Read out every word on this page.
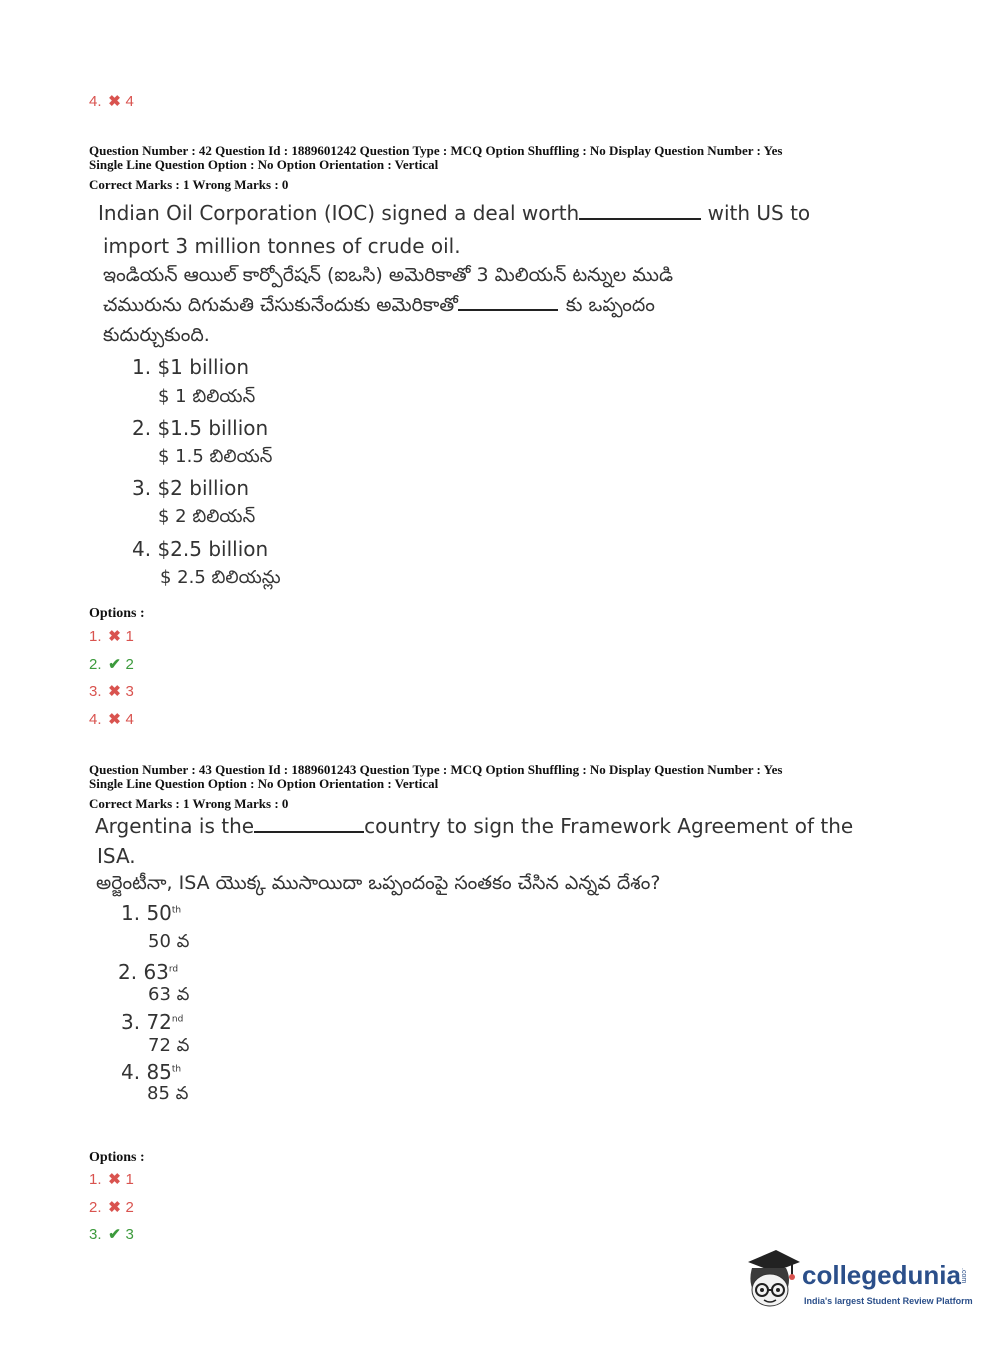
4. ✖ 4
Question Number : 42 Question Id : 1889601242 Question Type : MCQ Option Shuffling : No Display Question Number : Yes
Single Line Question Option : No Option Orientation : Vertical
Correct Marks : 1 Wrong Marks : 0
Indian Oil Corporation (IOC) signed a deal worth	with US to
import 3 million tonnes of crude oil.
ఇండియన్ ఆయిల్ కార్పోరేషన్ (ఐఒసి) అమెరికాతో 3 మిలియన్ టన్నుల ముడి
చమురును దిగుమతి చేసుకునేందుకు అమెరికాతో	కు ఒప్పందం
కుదుర్చుకుంది.
1. $1 billion
$ 1 బిలియన్
2. $1.5 billion
$ 1.5 బిలియన్
3. $2 billion
$ 2 బిలియన్
4. $2.5 billion
$ 2.5 బిలియన్లు
Options :
1. ✖ 1
2. ✔ 2
3. ✖ 3
4. ✖ 4
Question Number : 43 Question Id : 1889601243 Question Type : MCQ Option Shuffling : No Display Question Number : Yes
Single Line Question Option : No Option Orientation : Vertical
Correct Marks : 1 Wrong Marks : 0
Argentina is the	country to sign the Framework Agreement of the
ISA.
అర్జెంటీనా, ISA యొక్క ముసాయిదా ఒప్పందంపై సంతకం చేసిన ఎన్నవ దేశం?
1. 50th
50 వ
2. 63rd
63 వ
3. 72nd
72 వ
4. 85th
85 వ
Options :
1. ✖ 1
2. ✖ 2
3. ✔ 3
collegedunia .com
India's largest Student Review Platform
